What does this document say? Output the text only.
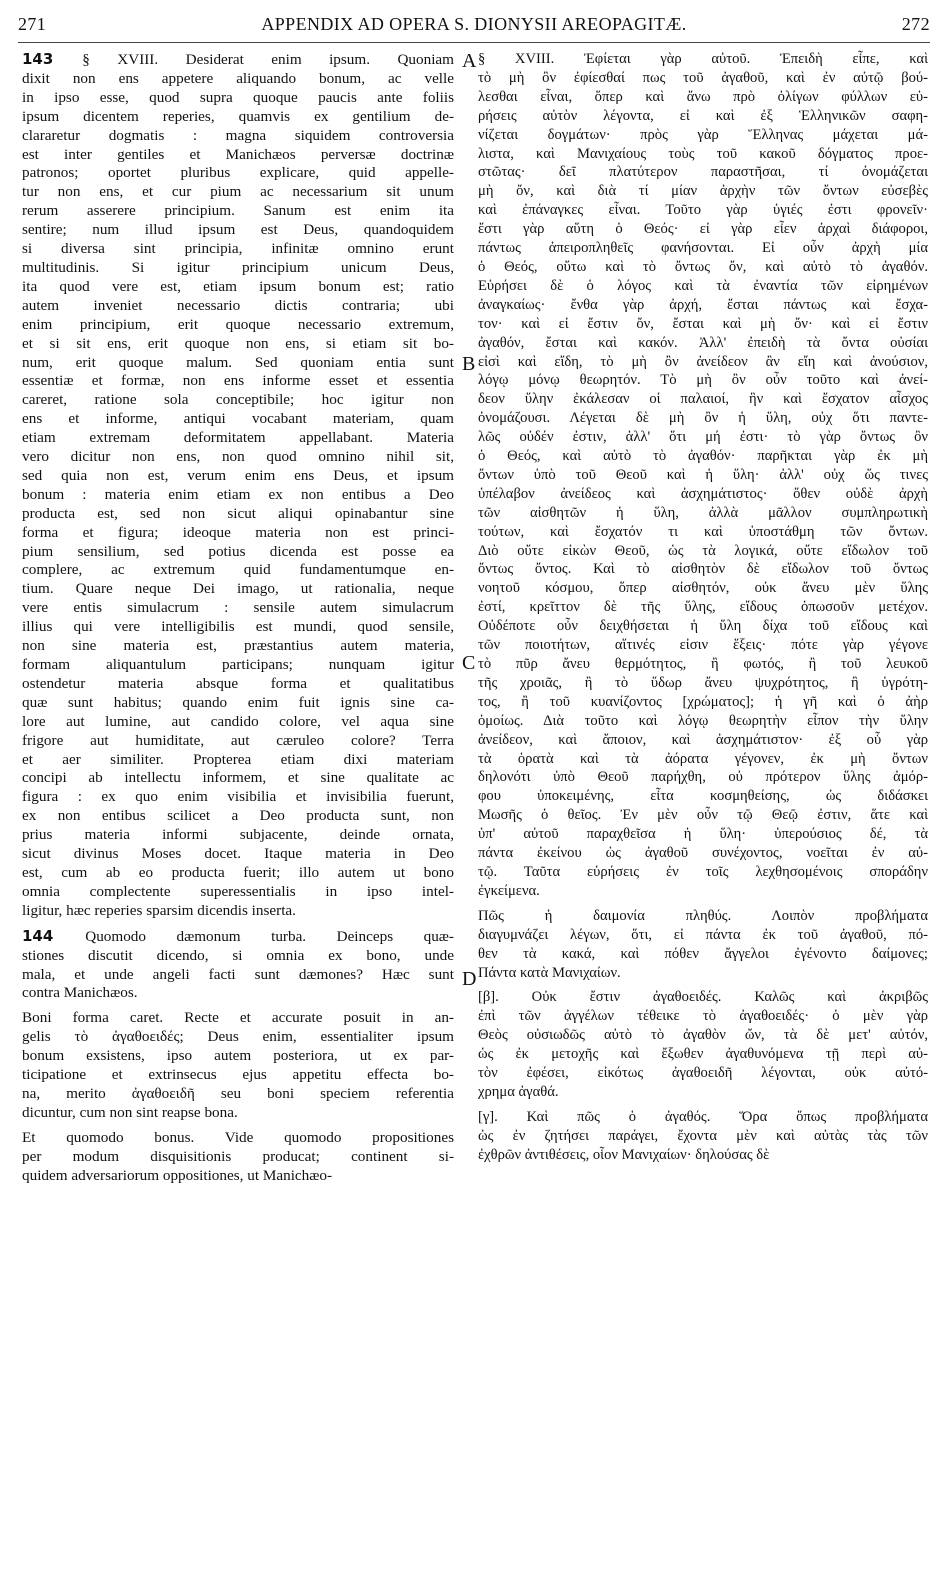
271	APPENDIX AD OPERA S. DIONYSII AREOPAGITÆ.	272
A
B
C
D
143 § XVIII. Desiderat enim ipsum. Quoniam
dixit non ens appetere aliquando bonum, ac velle
in ipso esse, quod supra quoque paucis ante foliis
ipsum dicentem reperies, quamvis ex gentilium de-
clararetur dogmatis : magna siquidem controversia
est inter gentiles et Manichæos perversæ doctrinæ
patronos; oportet pluribus explicare, quid appelle-
tur non ens, et cur pium ac necessarium sit unum
rerum asserere principium. Sanum est enim ita
sentire; num illud ipsum est Deus, quandoquidem
si diversa sint principia, infinitæ omnino erunt
multitudinis. Si igitur principium unicum Deus,
ita quod vere est, etiam ipsum bonum est; ratio
autem inveniet necessario dictis contraria; ubi
enim principium, erit quoque necessario extremum,
et si sit ens, erit quoque non ens, si etiam sit bo-
num, erit quoque malum. Sed quoniam entia sunt
essentiæ et formæ, non ens informe esset et essentia
careret, ratione sola conceptibile; hoc igitur non
ens et informe, antiqui vocabant materiam, quam
etiam extremam deformitatem appellabant. Materia
vero dicitur non ens, non quod omnino nihil sit,
sed quia non est, verum enim ens Deus, et ipsum
bonum : materia enim etiam ex non entibus a Deo
producta est, sed non sicut aliqui opinabantur sine
forma et figura; ideoque materia non est princi-
pium sensilium, sed potius dicenda est posse ea
complere, ac extremum quid fundamentumque en-
tium. Quare neque Dei imago, ut rationalia, neque
vere entis simulacrum : sensile autem simulacrum
illius qui vere intelligibilis est mundi, quod sensile,
non sine materia est, præstantius autem materia,
formam aliquantulum participans; nunquam igitur
ostendetur materia absque forma et qualitatibus
quæ sunt habitus; quando enim fuit ignis sine ca-
lore aut lumine, aut candido colore, vel aqua sine
frigore aut humiditate, aut cæruleo colore? Terra
et aer similiter. Propterea etiam dixi materiam
concipi ab intellectu informem, et sine qualitate ac
figura : ex quo enim visibilia et invisibilia fuerunt,
ex non entibus scilicet a Deo producta sunt, non
prius materia informi subjacente, deinde ornata,
sicut divinus Moses docet. Itaque materia in Deo
est, cum ab eo producta fuerit; illo autem ut bono
omnia complectente superessentialis in ipso intel-
ligitur, hæc reperies sparsim dicendis inserta.
144 Quomodo dæmonum turba. Deinceps quæ-
stiones discutit dicendo, si omnia ex bono, unde
mala, et unde angeli facti sunt dæmones? Hæc sunt
contra Manichæos.
Boni forma caret. Recte et accurate posuit in an-
gelis τὸ ἀγαθοειδές; Deus enim, essentialiter ipsum
bonum exsistens, ipso autem posteriora, ut ex par-
ticipatione et extrinsecus ejus appetitu effecta bo-
na, merito ἀγαθοειδῆ seu boni speciem referentia
dicuntur, cum non sint reapse bona.
Et quomodo bonus. Vide quomodo propositiones
per modum disquisitionis producat; continent si-
quidem adversariorum oppositiones, ut Manichæo-
§ XVIII. Ἐφίεται γὰρ αὐτοῦ. Ἐπειδὴ εἶπε, καὶ
τὸ μὴ ὂν ἐφίεσθαί πως τοῦ ἀγαθοῦ, καὶ ἐν αὐτῷ βού-
λεσθαι εἶναι, ὅπερ καὶ ἄνω πρὸ ὀλίγων φύλλων εὑ-
ρήσεις αὐτὸν λέγοντα, εἰ καὶ ἐξ Ἑλληνικῶν σαφη-
νίζεται δογμάτων· πρὸς γὰρ Ἕλληνας μάχεται μά-
λιστα, καὶ Μανιχαίους τοὺς τοῦ κακοῦ δόγματος προε-
στῶτας· δεῖ πλατύτερον παραστῆσαι, τί ὀνομάζεται
μὴ ὄν, καὶ διὰ τί μίαν ἀρχὴν τῶν ὄντων εὐσεβὲς
καὶ ἐπάναγκες εἶναι. Τοῦτο γὰρ ὑγιές ἐστι φρονεῖν·
ἔστι γὰρ αὕτη ὁ Θεός· εἰ γὰρ εἶεν ἀρχαὶ διάφοροι,
πάντως ἀπειροπληθεῖς φανήσονται. Εἰ οὖν ἀρχὴ μία
ὁ Θεός, οὕτω καὶ τὸ ὄντως ὄν, καὶ αὐτὸ τὸ ἀγαθόν.
Εὑρήσει δὲ ὁ λόγος καὶ τὰ ἐναντία τῶν εἰρημένων
ἀναγκαίως· ἔνθα γὰρ ἀρχή, ἔσται πάντως καὶ ἔσχα-
τον· καὶ εἰ ἔστιν ὄν, ἔσται καὶ μὴ ὄν· καὶ εἰ ἔστιν
ἀγαθόν, ἔσται καὶ κακόν. Ἀλλ' ἐπειδὴ τὰ ὄντα οὐσίαι
εἰσὶ καὶ εἴδη, τὸ μὴ ὂν ἀνείδεον ἂν εἴη καὶ ἀνούσιον,
λόγῳ μόνῳ θεωρητόν. Τὸ μὴ ὂν οὖν τοῦτο καὶ ἀνεί-
δεον ὕλην ἐκάλεσαν οἱ παλαιοί, ἣν καὶ ἔσχατον αἶσχος
ὀνομάζουσι. Λέγεται δὲ μὴ ὂν ἡ ὕλη, οὐχ ὅτι παντε-
λῶς οὐδέν ἐστιν, ἀλλ' ὅτι μή ἐστι· τὸ γὰρ ὄντως ὂν
ὁ Θεός, καὶ αὐτὸ τὸ ἀγαθόν· παρῆκται γὰρ ἐκ μὴ
ὄντων ὑπὸ τοῦ Θεοῦ καὶ ἡ ὕλη· ἀλλ' οὐχ ὥς τινες
ὑπέλαβον ἀνείδεος καὶ ἀσχημάτιστος· ὅθεν οὐδὲ ἀρχὴ
τῶν αἰσθητῶν ἡ ὕλη, ἀλλὰ μᾶλλον συμπληρωτικὴ
τούτων, καὶ ἔσχατόν τι καὶ ὑποστάθμη τῶν ὄντων.
Διὸ οὔτε εἰκὼν Θεοῦ, ὡς τὰ λογικά, οὔτε εἴδωλον τοῦ
ὄντως ὄντος. Καὶ τὸ αἰσθητὸν δὲ εἴδωλον τοῦ ὄντως
νοητοῦ κόσμου, ὅπερ αἰσθητόν, οὐκ ἄνευ μὲν ὕλης
ἐστί, κρεῖττον δὲ τῆς ὕλης, εἴδους ὁπωσοῦν μετέχον.
Οὐδέποτε οὖν δειχθήσεται ἡ ὕλη δίχα τοῦ εἴδους καὶ
τῶν ποιοτήτων, αἵτινές εἰσιν ἕξεις· πότε γὰρ γέγονε
τὸ πῦρ ἄνευ θερμότητος, ἢ φωτός, ἢ τοῦ λευκοῦ
τῆς χροιᾶς, ἢ τὸ ὕδωρ ἄνευ ψυχρότητος, ἢ ὑγρότη-
τος, ἢ τοῦ κυανίζοντος [χρώματος]; ἡ γῆ καὶ ὁ ἀὴρ
ὁμοίως. Διὰ τοῦτο καὶ λόγῳ θεωρητὴν εἶπον τὴν ὕλην
ἀνείδεον, καὶ ἄποιον, καὶ ἀσχημάτιστον· ἐξ οὗ γὰρ
τὰ ὁρατὰ καὶ τὰ ἀόρατα γέγονεν, ἐκ μὴ ὄντων
δηλονότι ὑπὸ Θεοῦ παρήχθη, οὐ πρότερον ὕλης ἀμόρ-
φου ὑποκειμένης, εἶτα κοσμηθείσης, ὡς διδάσκει
Μωσῆς ὁ θεῖος. Ἐν μὲν οὖν τῷ Θεῷ ἐστιν, ἅτε καὶ
ὑπ' αὐτοῦ παραχθεῖσα ἡ ὕλη· ὑπερούσιος δέ, τὰ
πάντα ἐκείνου ὡς ἀγαθοῦ συνέχοντος, νοεῖται ἐν αὐ-
τῷ. Ταῦτα εὑρήσεις ἐν τοῖς λεχθησομένοις σποράδην
ἐγκείμενα.
Πῶς ἡ δαιμονία πληθύς. Λοιπὸν προβλήματα
διαγυμνάζει λέγων, ὅτι, εἰ πάντα ἐκ τοῦ ἀγαθοῦ, πό-
θεν τὰ κακά, καὶ πόθεν ἄγγελοι ἐγένοντο δαίμονες;
Πάντα κατὰ Μανιχαίων.
[β]. Οὐκ ἔστιν ἀγαθοειδές. Καλῶς καὶ ἀκριβῶς
ἐπὶ τῶν ἀγγέλων τέθεικε τὸ ἀγαθοειδές· ὁ μὲν γὰρ
Θεὸς οὐσιωδῶς αὐτὸ τὸ ἀγαθὸν ὤν, τὰ δὲ μετ' αὐτόν,
ὡς ἐκ μετοχῆς καὶ ἔξωθεν ἀγαθυνόμενα τῇ περὶ αὐ-
τὸν ἐφέσει, εἰκότως ἀγαθοειδῆ λέγονται, οὐκ αὐτό-
χρημα ἀγαθά.
[γ]. Καὶ πῶς ὁ ἀγαθός. Ὅρα ὅπως προβλήματα
ὡς ἐν ζητήσει παράγει, ἔχοντα μὲν καὶ αὐτὰς τὰς τῶν
ἐχθρῶν ἀντιθέσεις, οἷον Μανιχαίων· δηλούσας δὲ
